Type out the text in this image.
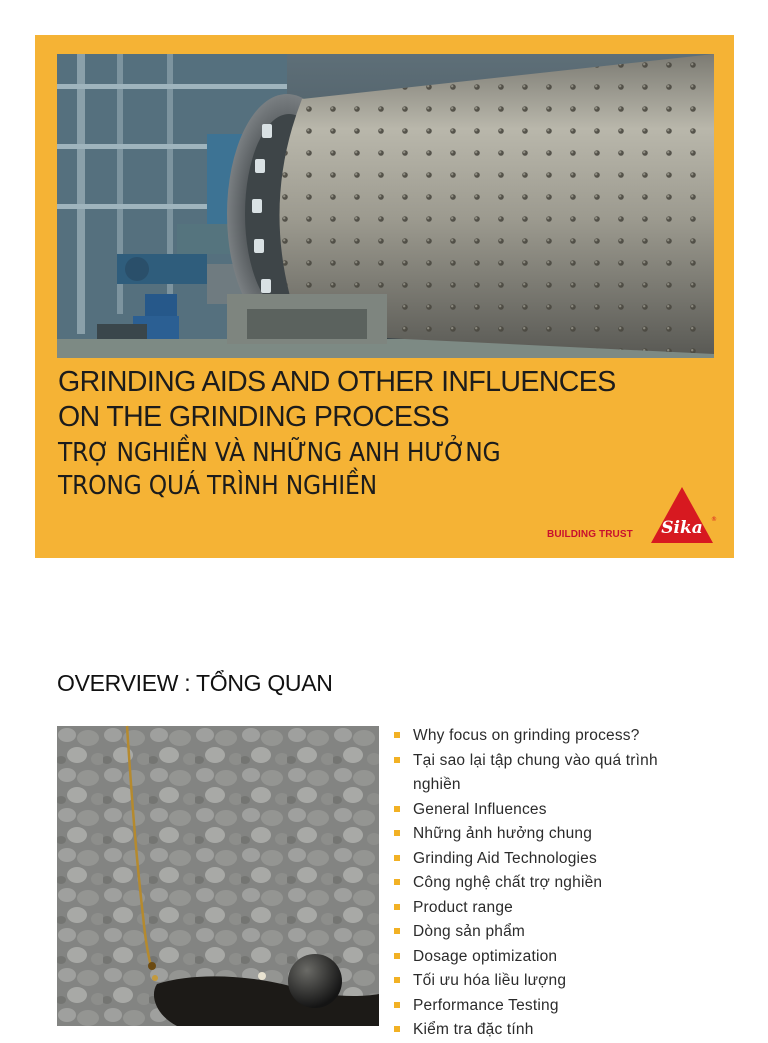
GRINDING AIDS AND OTHER INFLUENCES
ON THE GRINDING PROCESS
TRỢ NGHIỀN VÀ NHỮNG ANH HƯỞNG
TRONG QUÁ TRÌNH NGHIỀN
BUILDING TRUST Sika ®
OVERVIEW : TỔNG QUAN
Why focus on grinding process?
Tại sao lại tập chung vào quá trình
nghiền
General Influences
Những ảnh hưởng chung
Grinding Aid Technologies
Công nghệ chất trợ nghiền
Product range
Dòng sản phẩm
Dosage optimization
Tối ưu hóa liều lượng
Performance Testing
Kiểm tra đặc tính
